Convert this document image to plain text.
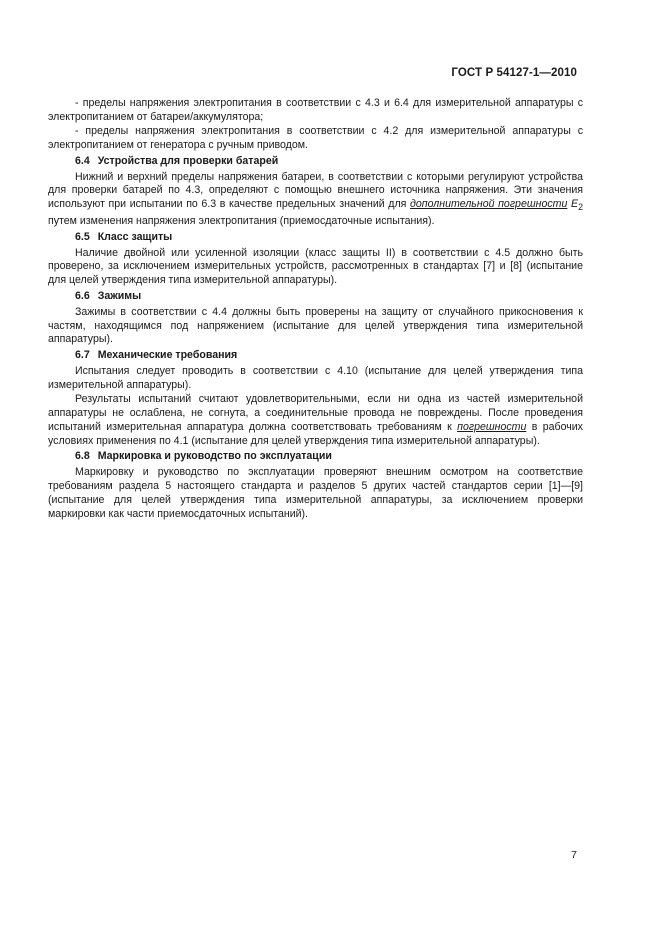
ГОСТ Р 54127-1—2010

- пределы напряжения электропитания в соответствии с 4.3 и 6.4 для измерительной аппаратуры с электропитанием от батареи/аккумулятора;

- пределы напряжения электропитания в соответствии с 4.2 для измерительной аппаратуры с электропитанием от генератора с ручным приводом.

6.4 Устройства для проверки батарей

Нижний и верхний пределы напряжения батареи, в соответствии с которыми регулируют устройства для проверки батарей по 4.3, определяют с помощью внешнего источника напряжения. Эти значения используют при испытании по 6.3 в качестве предельных значений для дополнительной погрешности $E_2$ путем изменения напряжения электропитания (приемосдаточные испытания).

6.5 Класс защиты

Наличие двойной или усиленной изоляции (класс защиты II) в соответствии с 4.5 должно быть проверено, за исключением измерительных устройств, рассмотренных в стандартах [7] и [8] (испытание для целей утверждения типа измерительной аппаратуры).

6.6 Зажимы

Зажимы в соответствии с 4.4 должны быть проверены на защиту от случайного прикосновения к частям, находящимся под напряжением (испытание для целей утверждения типа измерительной аппаратуры).

6.7 Механические требования

Испытания следует проводить в соответствии с 4.10 (испытание для целей утверждения типа измерительной аппаратуры).

Результаты испытаний считают удовлетворительными, если ни одна из частей измерительной аппаратуры не ослаблена, не согнута, а соединительные провода не повреждены. После проведения испытаний измерительная аппаратура должна соответствовать требованиям к погрешности в рабочих условиях применения по 4.1 (испытание для целей утверждения типа измерительной аппаратуры).

6.8 Маркировка и руководство по эксплуатации

Маркировку и руководство по эксплуатации проверяют внешним осмотром на соответствие требованиям раздела 5 настоящего стандарта и разделов 5 других частей стандартов серии [1]—[9] (испытание для целей утверждения типа измерительной аппаратуры, за исключением проверки маркировки как части приемосдаточных испытаний).

7
